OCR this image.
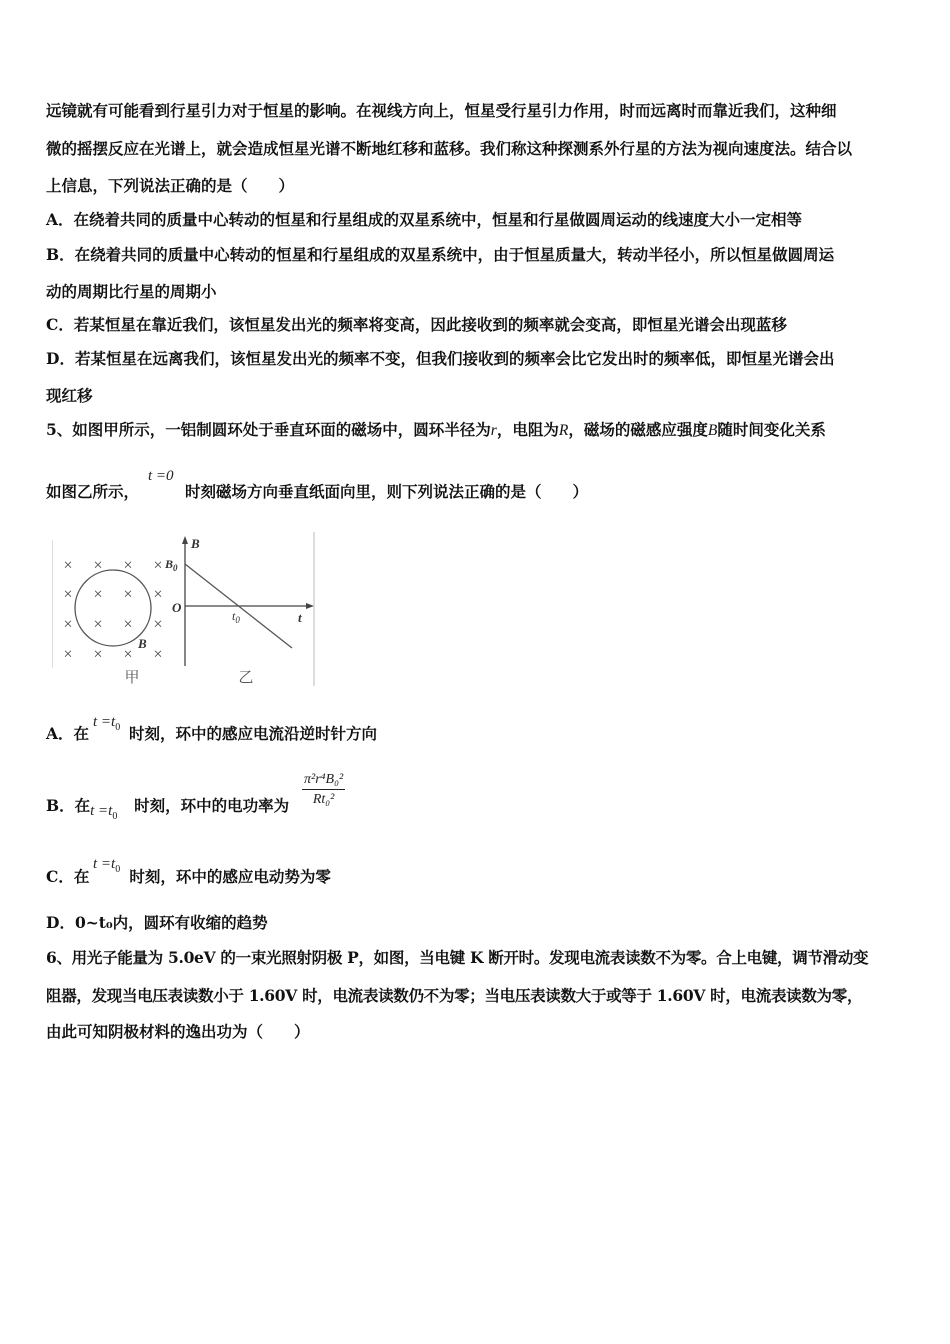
远镜就有可能看到行星引力对于恒星的影响。在视线方向上，恒星受行星引力作用，时而远离时而靠近我们，这种细
微的摇摆反应在光谱上，就会造成恒星光谱不断地红移和蓝移。我们称这种探测系外行星的方法为视向速度法。结合以
上信息，下列说法正确的是（　　）
A．在绕着共同的质量中心转动的恒星和行星组成的双星系统中，恒星和行星做圆周运动的线速度大小一定相等
B．在绕着共同的质量中心转动的恒星和行星组成的双星系统中，由于恒星质量大，转动半径小，所以恒星做圆周运
动的周期比行星的周期小
C．若某恒星在靠近我们，该恒星发出光的频率将变高，因此接收到的频率就会变高，即恒星光谱会出现蓝移
D．若某恒星在远离我们，该恒星发出光的频率不变，但我们接收到的频率会比它发出时的频率低，即恒星光谱会出
现红移
5、如图甲所示，一铝制圆环处于垂直环面的磁场中，圆环半径为r，电阻为R，磁场的磁感应强度B随时间变化关系
t =0
如图乙所示，	时刻磁场方向垂直纸面向里，则下列说法正确的是（　　）
× × × ×
× × × ×
× × × ×
× × × ×
B
甲
B
t
O
$B_0$
$t_0$
乙
$t =t_0$
A．在	时刻，环中的感应电流沿逆时针方向
B．在$t =t_0$时刻，环中的电功率为 $\frac{\text{π²r⁴B₀²}}{\text{Rt₀²}}$
$t =t_0$
C．在	时刻，环中的感应电动势为零
D．0~t₀内，圆环有收缩的趋势
6、用光子能量为 5.0eV 的一束光照射阴极 P，如图，当电键 K 断开时。发现电流表读数不为零。合上电键，调节滑动变
阻器，发现当电压表读数小于 1.60V 时，电流表读数仍不为零；当电压表读数大于或等于 1.60V 时，电流表读数为零，
由此可知阴极材料的逸出功为（　　）
